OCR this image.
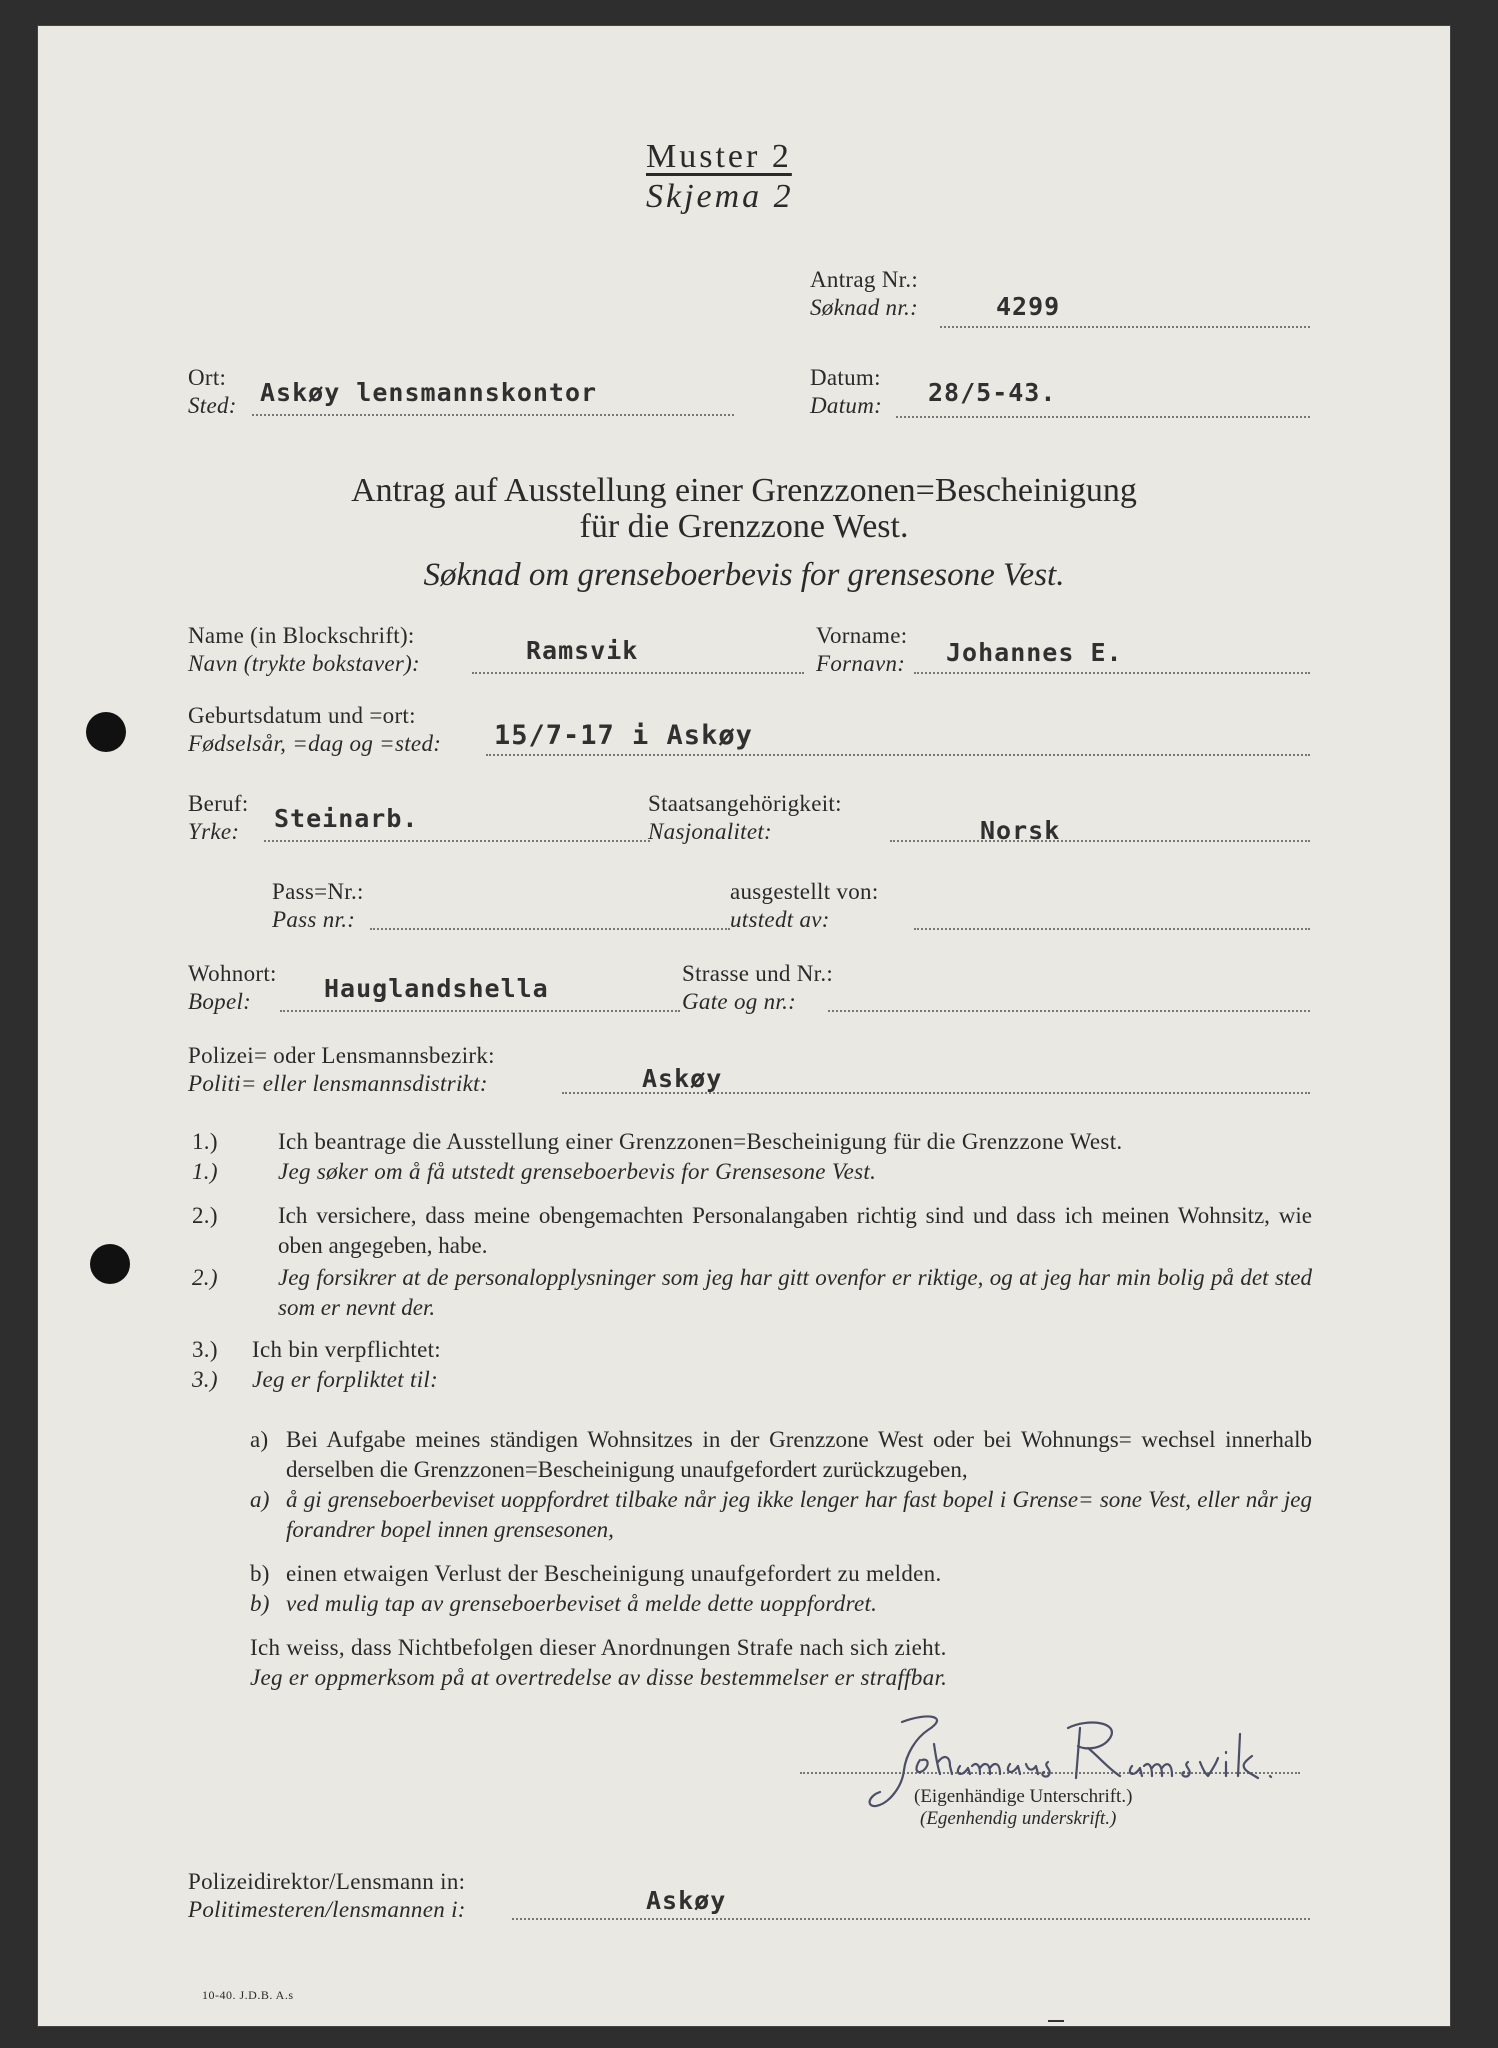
Muster 2
Skjema 2
Antrag Nr.:
Søknad nr.:	4299
Ort:
Sted: Askøy lensmannskontor
Datum:
Datum: 28/5-43.
Antrag auf Ausstellung einer Grenzzonen=Bescheinigung
für die Grenzzone West.
Søknad om grenseboerbevis for grensesone Vest.
Name (in Blockschrift):
Navn (trykte bokstaver):	Ramsvik
Vorname:
Fornavn: Johannes E.
Geburtsdatum und =ort:
Fødselsår, =dag og =sted: 15/7-17 i Askøy
Beruf:
Yrke: Steinarb.
Staatsangehörigkeit:
Nasjonalitet:	Norsk
Pass=Nr.:
Pass nr.:
ausgestellt von:
utstedt av:
Wohnort:
Bopel:	Hauglandshella
Strasse und Nr.:
Gate og nr.:
Polizei= oder Lensmannsbezirk:
Politi= eller lensmannsdistrikt:	Askøy
1.)
1.)
Ich beantrage die Ausstellung einer Grenzzonen=Bescheinigung für die Grenzzone West.
Jeg søker om å få utstedt grenseboerbevis for Grensesone Vest.
2.)	Ich versichere, dass meine obengemachten Personalangaben richtig sind und dass ich meinen Wohnsitz, wie oben angegeben, habe.
2.)	Jeg forsikrer at de personalopplysninger som jeg har gitt ovenfor er riktige, og at jeg har min bolig på det sted som er nevnt der.
3.) Ich bin verpflichtet:
3.) Jeg er forpliktet til:
a) Bei Aufgabe meines ständigen Wohnsitzes in der Grenzzone West oder bei Wohnungs= wechsel innerhalb derselben die Grenzzonen=Bescheinigung unaufgefordert zurückzugeben,
a) å gi grenseboerbeviset uoppfordret tilbake når jeg ikke lenger har fast bopel i Grense= sone Vest, eller når jeg forandrer bopel innen grensesonen,
b) einen etwaigen Verlust der Bescheinigung unaufgefordert zu melden.
b) ved mulig tap av grenseboerbeviset å melde dette uoppfordret.
Ich weiss, dass Nichtbefolgen dieser Anordnungen Strafe nach sich zieht.
Jeg er oppmerksom på at overtredelse av disse bestemmelser er straffbar.
(Eigenhändige Unterschrift.)
(Egenhendig underskrift.)
Polizeidirektor/Lensmann in:
Politimesteren/lensmannen i:	Askøy
10-40. J.D.B. A.s
